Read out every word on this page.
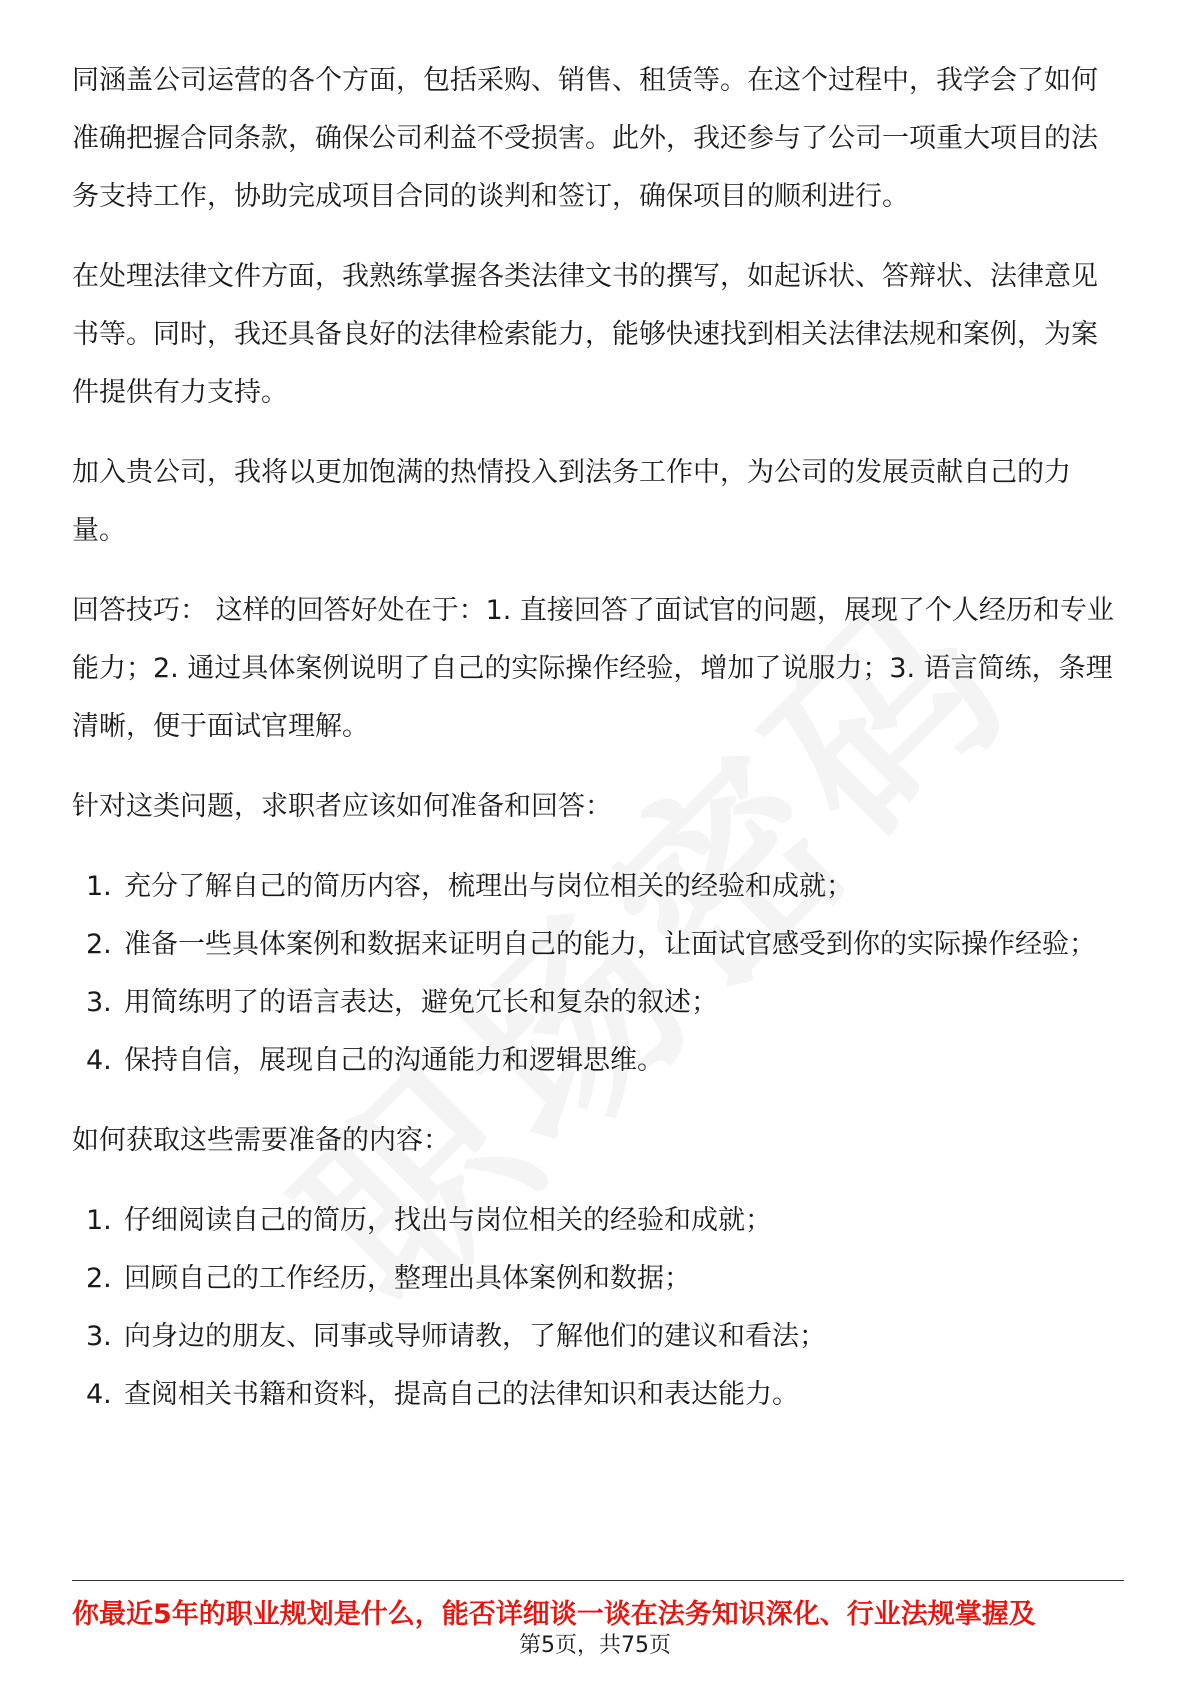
同涵盖公司运营的各个方面，包括采购、销售、租赁等。在这个过程中，我学会了如何准确把握合同条款，确保公司利益不受损害。此外，我还参与了公司一项重大项目的法务支持工作，协助完成项目合同的谈判和签订，确保项目的顺利进行。

在处理法律文件方面，我熟练掌握各类法律文书的撰写，如起诉状、答辩状、法律意见书等。同时，我还具备良好的法律检索能力，能够快速找到相关法律法规和案例，为案件提供有力支持。

加入贵公司，我将以更加饱满的热情投入到法务工作中，为公司的发展贡献自己的力量。

回答技巧： 这样的回答好处在于：1. 直接回答了面试官的问题，展现了个人经历和专业能力；2. 通过具体案例说明了自己的实际操作经验，增加了说服力；3. 语言简练，条理清晰，便于面试官理解。

针对这类问题，求职者应该如何准备和回答：

1. 充分了解自己的简历内容，梳理出与岗位相关的经验和成就；
2. 准备一些具体案例和数据来证明自己的能力，让面试官感受到你的实际操作经验；
3. 用简练明了的语言表达，避免冗长和复杂的叙述；
4. 保持自信，展现自己的沟通能力和逻辑思维。

如何获取这些需要准备的内容：

1. 仔细阅读自己的简历，找出与岗位相关的经验和成就；
2. 回顾自己的工作经历，整理出具体案例和数据；
3. 向身边的朋友、同事或导师请教，了解他们的建议和看法；
4. 查阅相关书籍和资料，提高自己的法律知识和表达能力。
你最近5年的职业规划是什么，能否详细谈一谈在法务知识深化、行业法规掌握及
第5页，共75页
